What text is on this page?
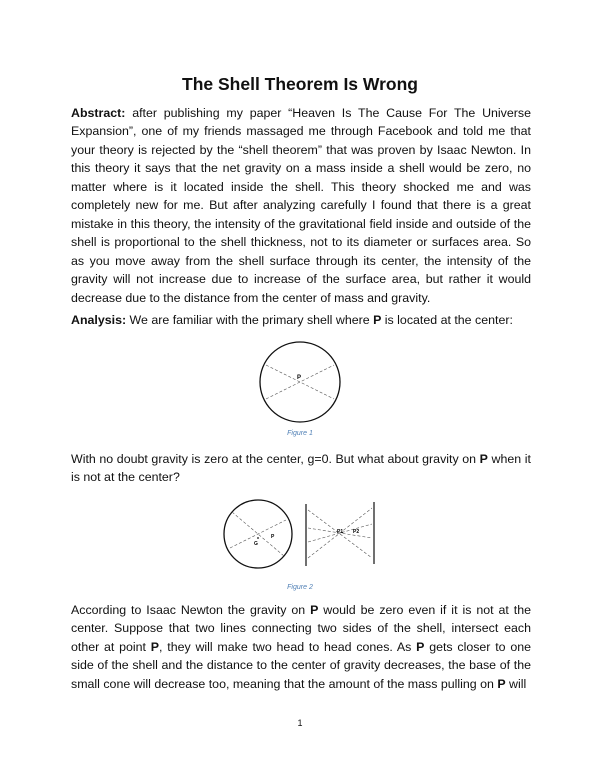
The Shell Theorem Is Wrong

Abstract: after publishing my paper “Heaven Is The Cause For The Universe Expansion”, one of my friends massaged me through Facebook and told me that your theory is rejected by the “shell theorem” that was proven by Isaac Newton. In this theory it says that the net gravity on a mass inside a shell would be zero, no matter where is it located inside the shell. This theory shocked me and was completely new for me. But after analyzing carefully I found that there is a great mistake in this theory, the intensity of the gravitational field inside and outside of the shell is proportional to the shell thickness, not to its diameter or surfaces area. So as you move away from the shell surface through its center, the intensity of the gravity will not increase due to increase of the surface area, but rather it would decrease due to the distance from the center of mass and gravity.

Analysis: We are familiar with the primary shell where P is located at the center:

P

Figure 1

With no doubt gravity is zero at the center, g=0. But what about gravity on P when it is not at the center?

G
P
P1 P2

Figure 2

According to Isaac Newton the gravity on P would be zero even if it is not at the center. Suppose that two lines connecting two sides of the shell, intersect each other at point P, they will make two head to head cones. As P gets closer to one side of the shell and the distance to the center of gravity decreases, the base of the small cone will decrease too, meaning that the amount of the mass pulling on P will

1
